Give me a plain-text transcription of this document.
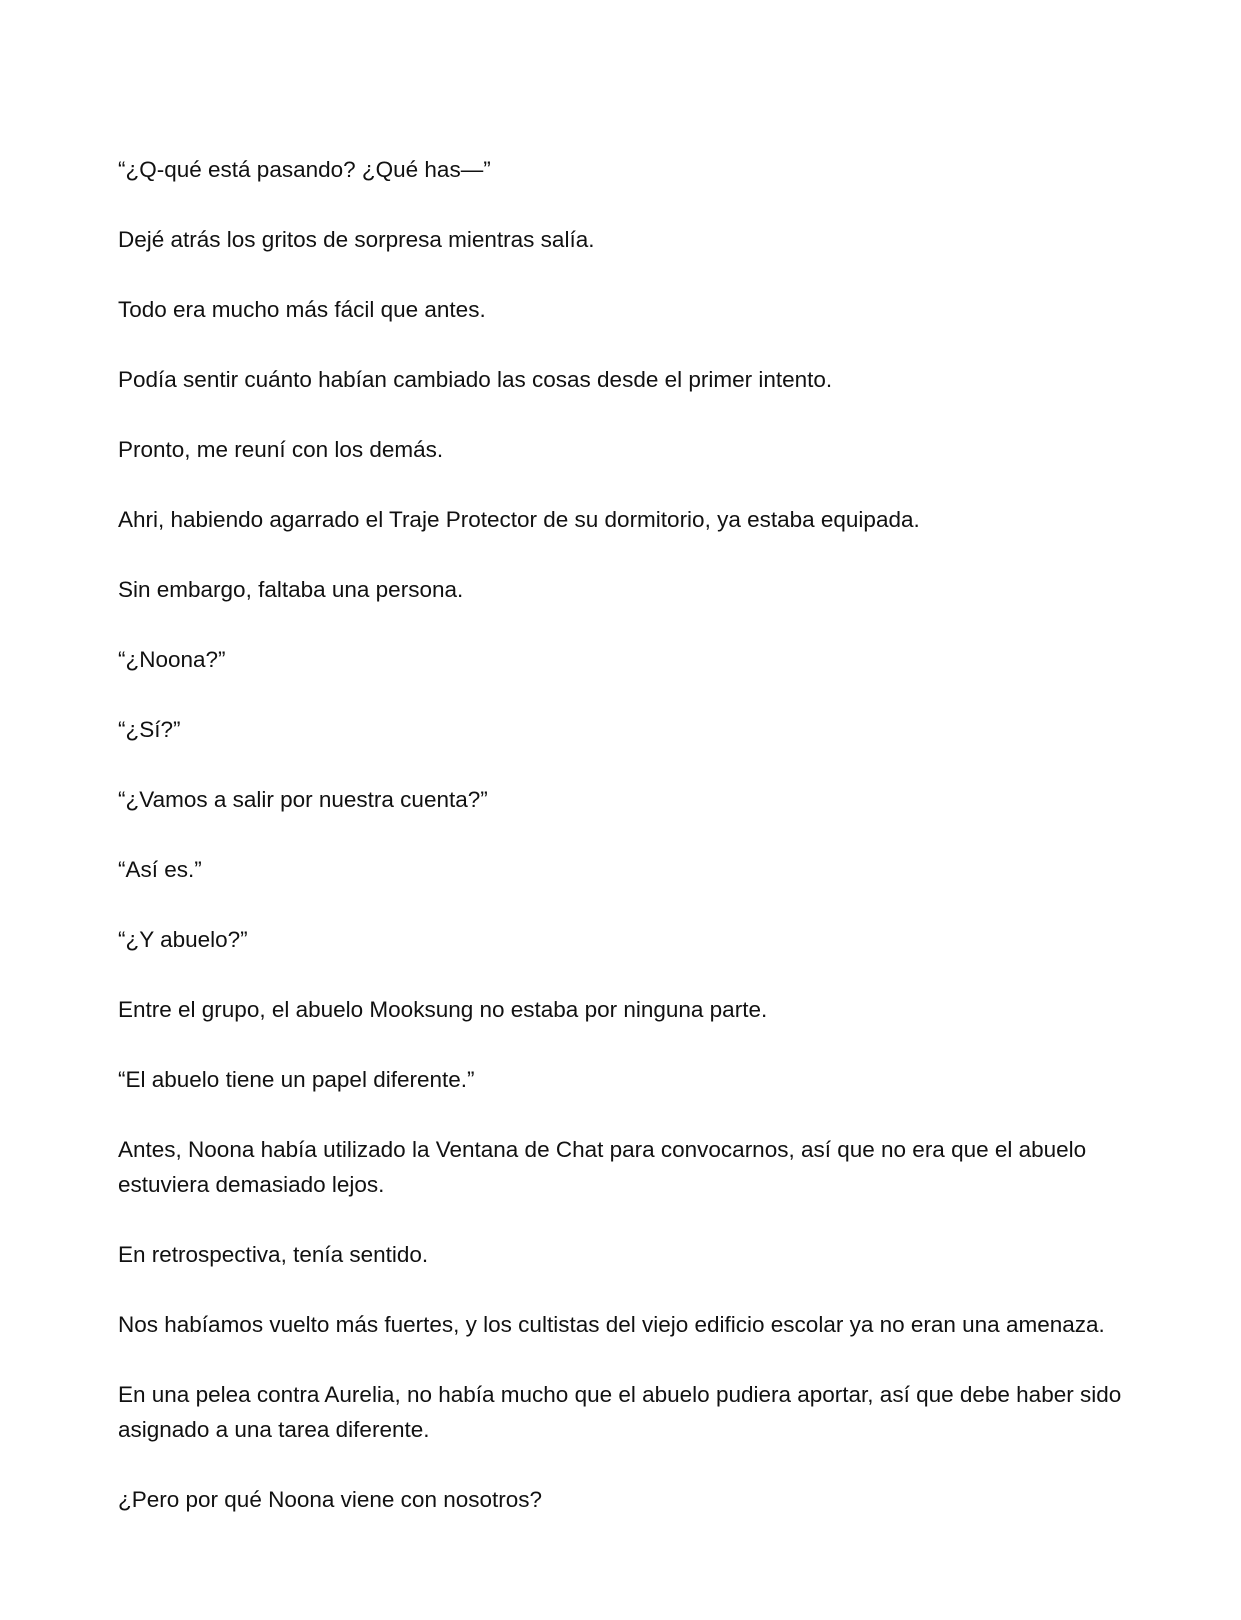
“¿Q-qué está pasando? ¿Qué has—”

Dejé atrás los gritos de sorpresa mientras salía.

Todo era mucho más fácil que antes.

Podía sentir cuánto habían cambiado las cosas desde el primer intento.

Pronto, me reuní con los demás.

Ahri, habiendo agarrado el Traje Protector de su dormitorio, ya estaba equipada.

Sin embargo, faltaba una persona.

“¿Noona?”

“¿Sí?”

“¿Vamos a salir por nuestra cuenta?”

“Así es.”

“¿Y abuelo?”

Entre el grupo, el abuelo Mooksung no estaba por ninguna parte.

“El abuelo tiene un papel diferente.”

Antes, Noona había utilizado la Ventana de Chat para convocarnos, así que no era que el abuelo estuviera demasiado lejos.

En retrospectiva, tenía sentido.

Nos habíamos vuelto más fuertes, y los cultistas del viejo edificio escolar ya no eran una amenaza.

En una pelea contra Aurelia, no había mucho que el abuelo pudiera aportar, así que debe haber sido asignado a una tarea diferente.

¿Pero por qué Noona viene con nosotros?
